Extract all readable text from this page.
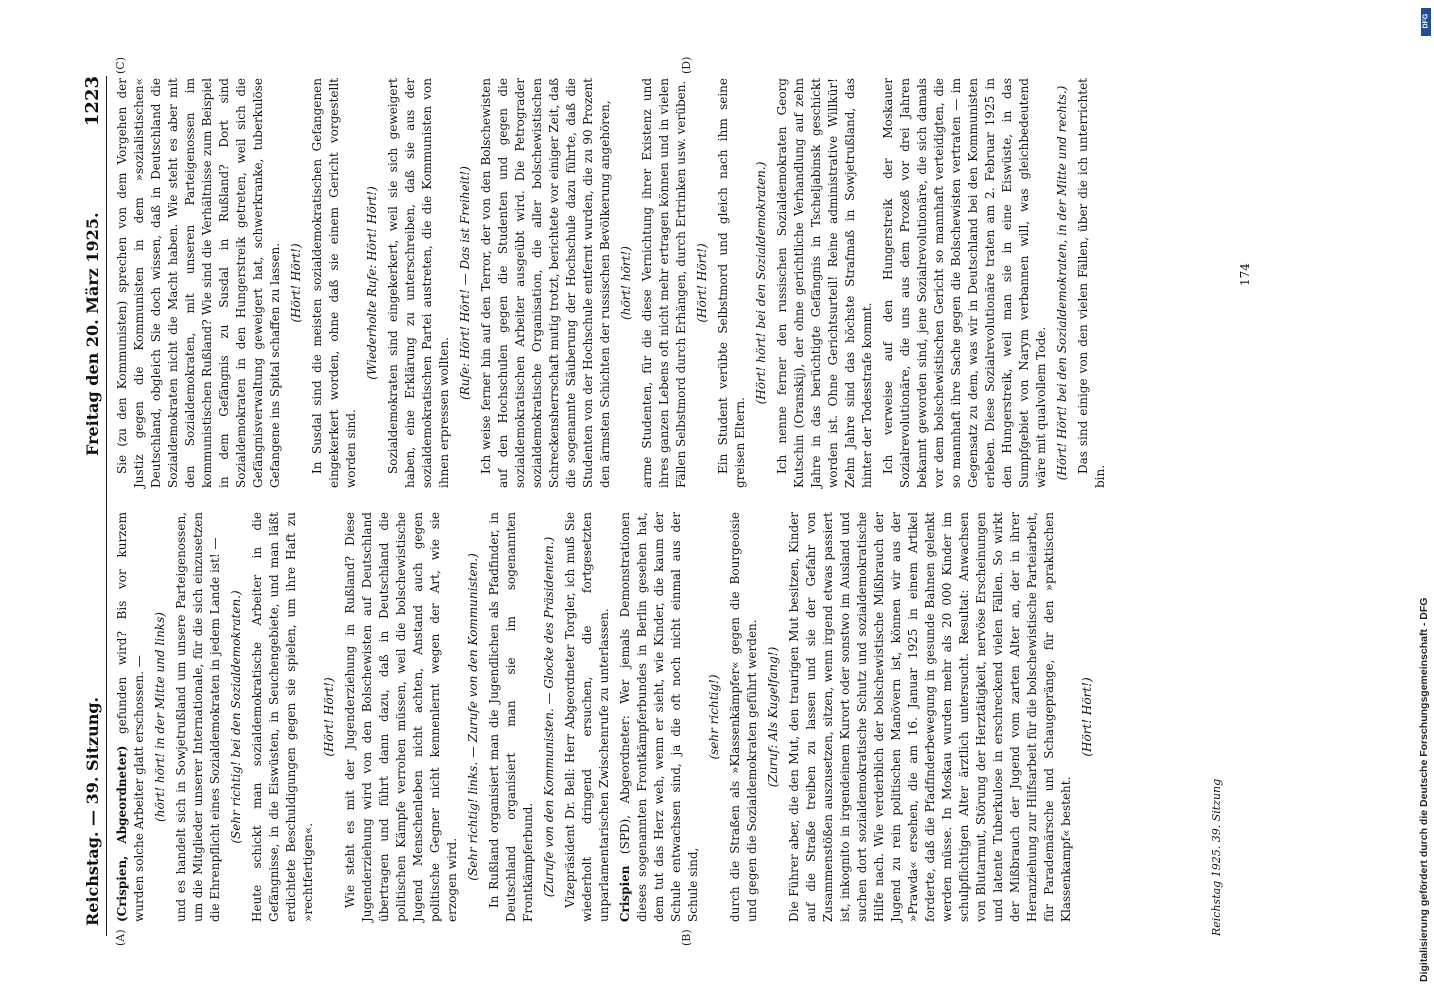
Reichstag. — 39. Sitzung.
Freitag den 20. März 1925.
1223
(A)	(B)
(C)	(D)

(Crispien, Abgeordneter) gefunden wird? Bis vor kurzem wurden solche Arbeiter glatt erschossen. — (hört! hört! in der Mitte und links) und es handelt sich in Sowjetrußland um unsere Parteigenossen, um die Mitglieder unserer Internationale, für die sich einzusetzen die Ehrenpflicht eines Sozialdemokraten in jedem Lande ist! — (Sehr richtig! bei den Sozialdemokraten.) Heute schickt man sozialdemokratische Arbeiter in die Gefängnisse, in die Eiswüsten, in Seuchengebiete, und man läßt erdichtete Beschuldigungen gegen sie spielen, um ihre Haft zu »rechtfertigen«.

(Hört! Hört!) Wie steht es mit der Jugenderziehung in Rußland? Diese Jugenderziehung wird von den Bolschewisten auf Deutschland übertragen und führt dann dazu, daß in Deutschland die politischen Kämpfe verrohen müssen, weil die bolschewistische Jugend Menschenleben nicht achten, Anstand auch gegen politische Gegner nicht kennenlernt wegen der Art, wie sie erzogen wird. (Sehr richtig! links. — Zurufe von den Kommunisten.) In Rußland organisiert man die Jugendlichen als Pfadfinder, in Deutschland organisiert man sie im sogenannten Frontkämpferbund. (Zurufe von den Kommunisten. — Glocke des Präsidenten.) Vizepräsident Dr. Bell: Herr Abgeordneter Torgler, ich muß Sie wiederholt dringend ersuchen, die fortgesetzten unparlamentarischen Zwischenrufe zu unterlassen. Crispien (SPD), Abgeordneter: Wer jemals Demonstrationen dieses sogenannten Frontkämpferbundes in Berlin gesehen hat, dem tut das Herz weh, wenn er sieht, wie Kinder, die kaum der Schule entwachsen sind, ja die oft noch nicht einmal aus der Schule sind,

(sehr richtig!) durch die Straßen als »Klassenkämpfer« gegen die Bourgeoisie und gegen die Sozialdemokraten geführt werden. (Zuruf: Als Kugelfang!) Die Führer aber, die den Mut, den traurigen Mut besitzen, Kinder auf die Straße treiben zu lassen und sie der Gefahr von Zusammenstößen auszusetzen, sitzen, wenn irgend etwas passiert ist, inkognito in irgendeinem Kurort oder sonstwo im Ausland und suchen dort sozialdemokratische Schutz und sozialdemokratische Hilfe nach. Wie verderblich der bolschewistische Mißbrauch der Jugend zu rein politischen Manövern ist, können wir aus der »Prawda« ersehen, die am 16. Januar 1925 in einem Artikel forderte, daß die Pfadfinderbewegung in gesunde Bahnen gelenkt werden müsse. In Moskau wurden mehr als 20 000 Kinder im schulpflichtigen Alter ärztlich untersucht. Resultat: Anwachsen von Blutarmut, Störung der Herztätigkeit, nervöse Erscheinungen und latente Tuberkulose in erschreckend vielen Fällen. So wirkt der Mißbrauch der Jugend vom zarten Alter an, der in ihrer Heranziehung zur Hilfsarbeit für die bolschewistische Parteiarbeit, für Parademärsche und Schaugepränge, für den »praktischen Klassenkampf« besteht.

(Hört! Hört!)

Sie (zu den Kommunisten) sprechen von dem Vorgehen der Justiz gegen die Kommunisten in dem »sozialistischen« Deutschland, obgleich Sie doch wissen, daß in Deutschland die Sozialdemokraten nicht die Macht haben. Wie steht es aber mit den Sozialdemokraten, mit unseren Parteigenossen im kommunistischen Rußland? Wie sind die Verhältnisse zum Beispiel in dem Gefängnis zu Susdal in Rußland? Dort sind Sozialdemokraten in den Hungerstreik getreten, weil sich die Gefängnisverwaltung geweigert hat, schwerkranke, tuberkulöse Gefangene ins Spital schaffen zu lassen. (Hört! Hört!) In Susdal sind die meisten sozialdemokratischen Gefangenen eingekerkert worden, ohne daß sie einem Gericht vorgestellt worden sind.

(Wiederholte Rufe: Hört! Hört!) Sozialdemokraten sind eingekerkert, weil sie sich geweigert haben, eine Erklärung zu unterschreiben, daß sie aus der sozialdemokratischen Partei austreten, die die Kommunisten von ihnen erpressen wollten.

(Rufe: Hört! Hört! — Das ist Freiheit!) Ich weise ferner hin auf den Terror, der von den Bolschewisten auf den Hochschulen gegen die Studenten und gegen die sozialdemokratischen Arbeiter ausgeübt wird. Die Petrograder sozialdemokratische Organisation, die aller bolschewistischen Schreckensherrschaft mutig trotzt, berichtete vor einiger Zeit, daß die sogenannte Säuberung der Hochschule dazu führte, daß die Studenten von der Hochschule entfernt wurden, die zu 90 Prozent den ärmsten Schichten der russischen Bevölkerung angehören, (hört! hört!) arme Studenten, für die diese Vernichtung ihrer Existenz und ihres ganzen Lebens oft nicht mehr ertragen können und in vielen Fällen Selbstmord durch Erhängen, durch Ertrinken usw. verüben. (Hört! Hört!) Ein Student verübte Selbstmord und gleich nach ihm seine greisen Eltern.

(Hört! hört! bei den Sozialdemokraten.) Ich nenne ferner den russischen Sozialdemokraten Georg Kutschin (Oranskij), der ohne gerichtliche Verhandlung auf zehn Jahre in das berüchtigte Gefängnis in Tscheljabinsk geschickt worden ist. Ohne Gerichtsurteil! Reine administrative Willkür! Zehn Jahre sind das höchste Strafmaß in Sowjetrußland, das hinter der Todesstrafe kommt. Ich verweise auf den Hungerstreik der Moskauer Sozialrevolutionäre, die uns aus dem Prozeß vor drei Jahren bekannt geworden sind, jene Sozialrevolutionäre, die sich damals vor dem bolschewistischen Gericht so mannhaft verteidigten, die so mannhaft ihre Sache gegen die Bolschewisten vertraten — im Gegensatz zu dem, was wir in Deutschland bei den Kommunisten erleben. Diese Sozialrevolutionäre traten am 2. Februar 1925 in den Hungerstreik, weil man sie in eine Eiswüste, in das Sumpfgebiet von Narym verbannen will, was gleichbedeutend wäre mit qualvollem Tode. (Hört! Hört! bei den Sozialdemokraten, in der Mitte und rechts.) Das sind einige von den vielen Fällen, über die ich unterrichtet bin.

Reichstag 1925. 39. Sitzung
174
DFG
Digitalisierung gefördert durch die Deutsche Forschungsgemeinschaft - DFG
